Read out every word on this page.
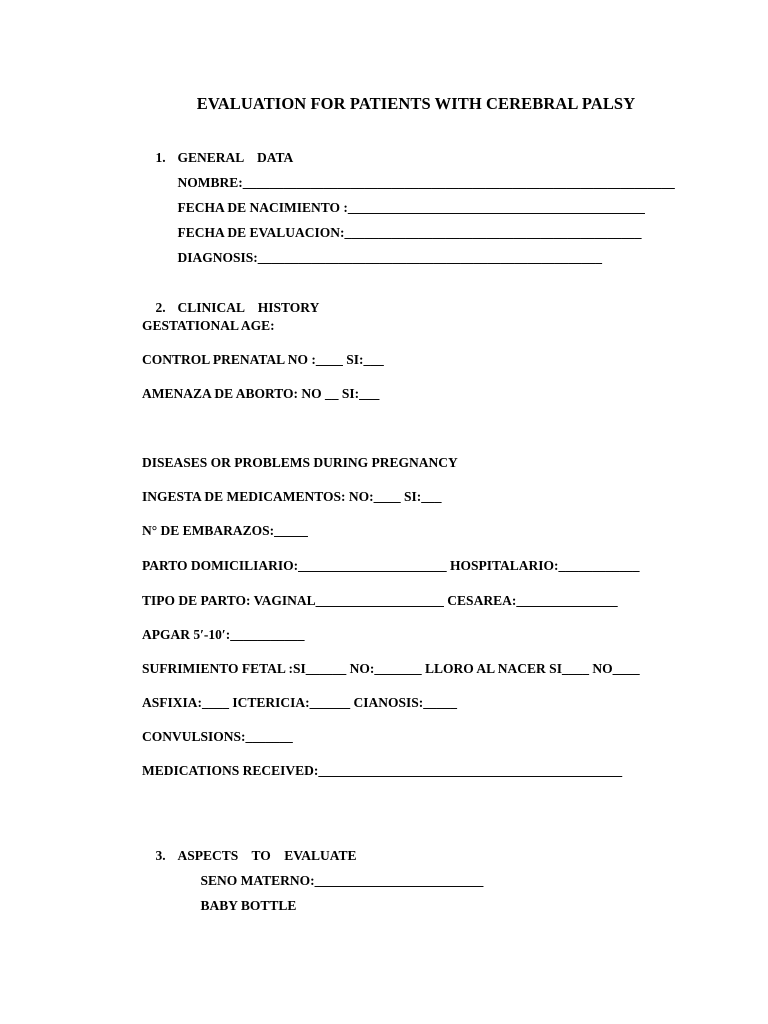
EVALUATION FOR PATIENTS WITH CEREBRAL PALSY

1. GENERAL    DATA

NOMBRE:________________________________________________________________

FECHA DE NACIMIENTO :____________________________________________

FECHA DE EVALUACION:____________________________________________

DIAGNOSIS:___________________________________________________

2. CLINICAL    HISTORY

GESTATIONAL AGE:
CONTROL PRENATAL NO :____ SI:___
AMENAZA DE ABORTO: NO __ SI:___
DISEASES OR PROBLEMS DURING PREGNANCY
INGESTA DE MEDICAMENTOS: NO:____ SI:___
N° DE EMBARAZOS:_____
PARTO DOMICILIARIO:______________________ HOSPITALARIO:____________
TIPO DE PARTO: VAGINAL___________________ CESAREA:_______________
APGAR 5′-10′:___________
SUFRIMIENTO FETAL :SI______ NO:_______ LLORO AL NACER SI____ NO____
ASFIXIA:____ ICTERICIA:______ CIANOSIS:_____
CONVULSIONS:_______
MEDICATIONS RECEIVED:_____________________________________________

3. ASPECTS    TO    EVALUATE

SENO MATERNO:_________________________

BABY BOTTLE
